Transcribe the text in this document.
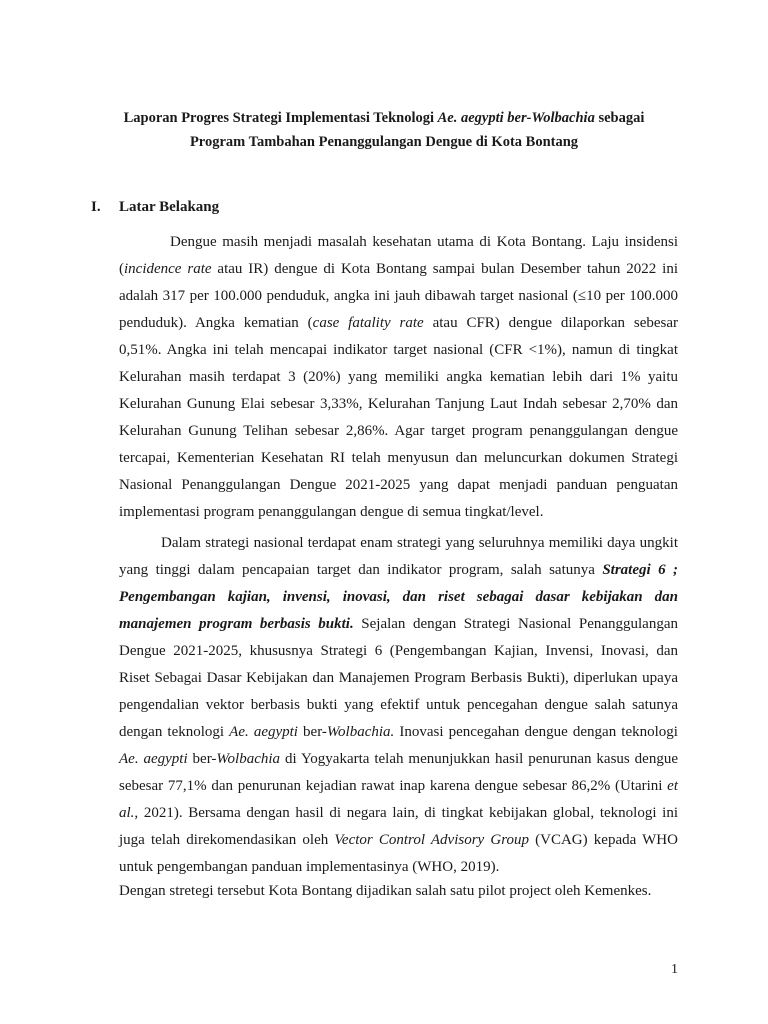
Laporan Progres Strategi Implementasi Teknologi Ae. aegypti ber-Wolbachia sebagai
Program Tambahan Penanggulangan Dengue di Kota Bontang
I. Latar Belakang
Dengue masih menjadi masalah kesehatan utama di Kota Bontang. Laju insidensi
(incidence rate atau IR) dengue di Kota Bontang sampai bulan Desember tahun 2022 ini
adalah 317 per 100.000 penduduk, angka ini jauh dibawah target nasional (≤10 per 100.000
penduduk). Angka kematian (case fatality rate atau CFR) dengue dilaporkan sebesar
0,51%. Angka ini telah mencapai indikator target nasional (CFR <1%), namun di tingkat
Kelurahan masih terdapat 3 (20%) yang memiliki angka kematian lebih dari 1% yaitu
Kelurahan Gunung Elai sebesar 3,33%, Kelurahan Tanjung Laut Indah sebesar 2,70% dan
Kelurahan Gunung Telihan sebesar 2,86%. Agar target program penanggulangan dengue
tercapai, Kementerian Kesehatan RI telah menyusun dan meluncurkan dokumen Strategi
Nasional Penanggulangan Dengue 2021-2025 yang dapat menjadi panduan penguatan
implementasi program penanggulangan dengue di semua tingkat/level.
Dalam strategi nasional terdapat enam strategi yang seluruhnya memiliki daya ungkit
yang tinggi dalam pencapaian target dan indikator program, salah satunya Strategi 6 ;
Pengembangan kajian, invensi, inovasi, dan riset sebagai dasar kebijakan dan
manajemen program berbasis bukti. Sejalan dengan Strategi Nasional Penanggulangan
Dengue 2021-2025, khususnya Strategi 6 (Pengembangan Kajian, Invensi, Inovasi, dan
Riset Sebagai Dasar Kebijakan dan Manajemen Program Berbasis Bukti), diperlukan upaya
pengendalian vektor berbasis bukti yang efektif untuk pencegahan dengue salah satunya
dengan teknologi Ae. aegypti ber-Wolbachia. Inovasi pencegahan dengue dengan teknologi
Ae. aegypti ber-Wolbachia di Yogyakarta telah menunjukkan hasil penurunan kasus dengue
sebesar 77,1% dan penurunan kejadian rawat inap karena dengue sebesar 86,2% (Utarini et
al., 2021). Bersama dengan hasil di negara lain, di tingkat kebijakan global, teknologi ini
juga telah direkomendasikan oleh Vector Control Advisory Group (VCAG) kepada WHO
untuk pengembangan panduan implementasinya (WHO, 2019).
Dengan stretegi tersebut Kota Bontang dijadikan salah satu pilot project oleh Kemenkes.
1
